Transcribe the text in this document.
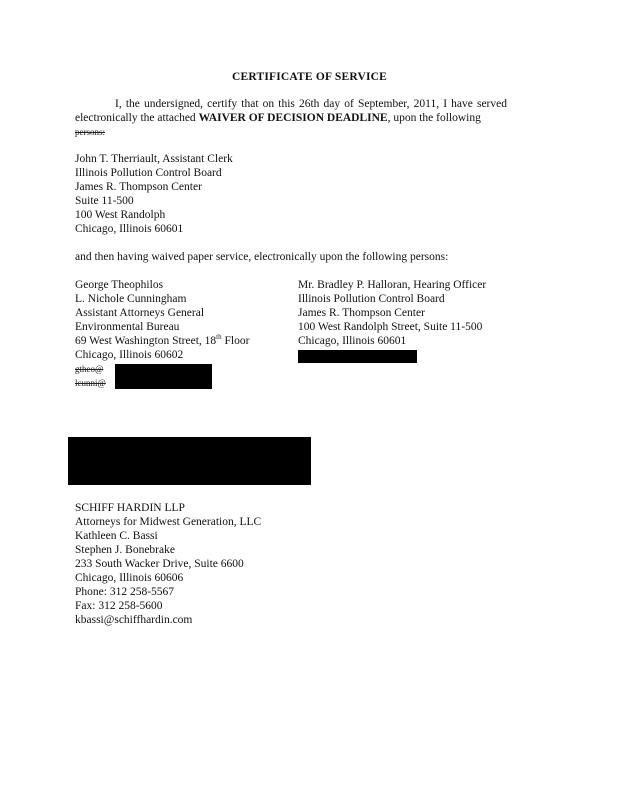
CERTIFICATE OF SERVICE
I, the undersigned, certify that on this 26th day of September, 2011, I have served electronically the attached WAIVER OF DECISION DEADLINE, upon the following
persons:
John T. Therriault, Assistant Clerk
Illinois Pollution Control Board
James R. Thompson Center
Suite 11-500
100 West Randolph
Chicago, Illinois 60601
and then having waived paper service, electronically upon the following persons:
George Theophilos
L. Nichole Cunningham
Assistant Attorneys General
Environmental Bureau
69 West Washington Street, 18th Floor
Chicago, Illinois 60602
gtheo@
lcunni@
Mr. Bradley P. Halloran, Hearing Officer
Illinois Pollution Control Board
James R. Thompson Center
100 West Randolph Street, Suite 11-500
Chicago, Illinois 60601
SCHIFF HARDIN LLP
Attorneys for Midwest Generation, LLC
Kathleen C. Bassi
Stephen J. Bonebrake
233 South Wacker Drive, Suite 6600
Chicago, Illinois 60606
Phone: 312 258-5567
Fax: 312 258-5600
kbassi@schiffhardin.com
